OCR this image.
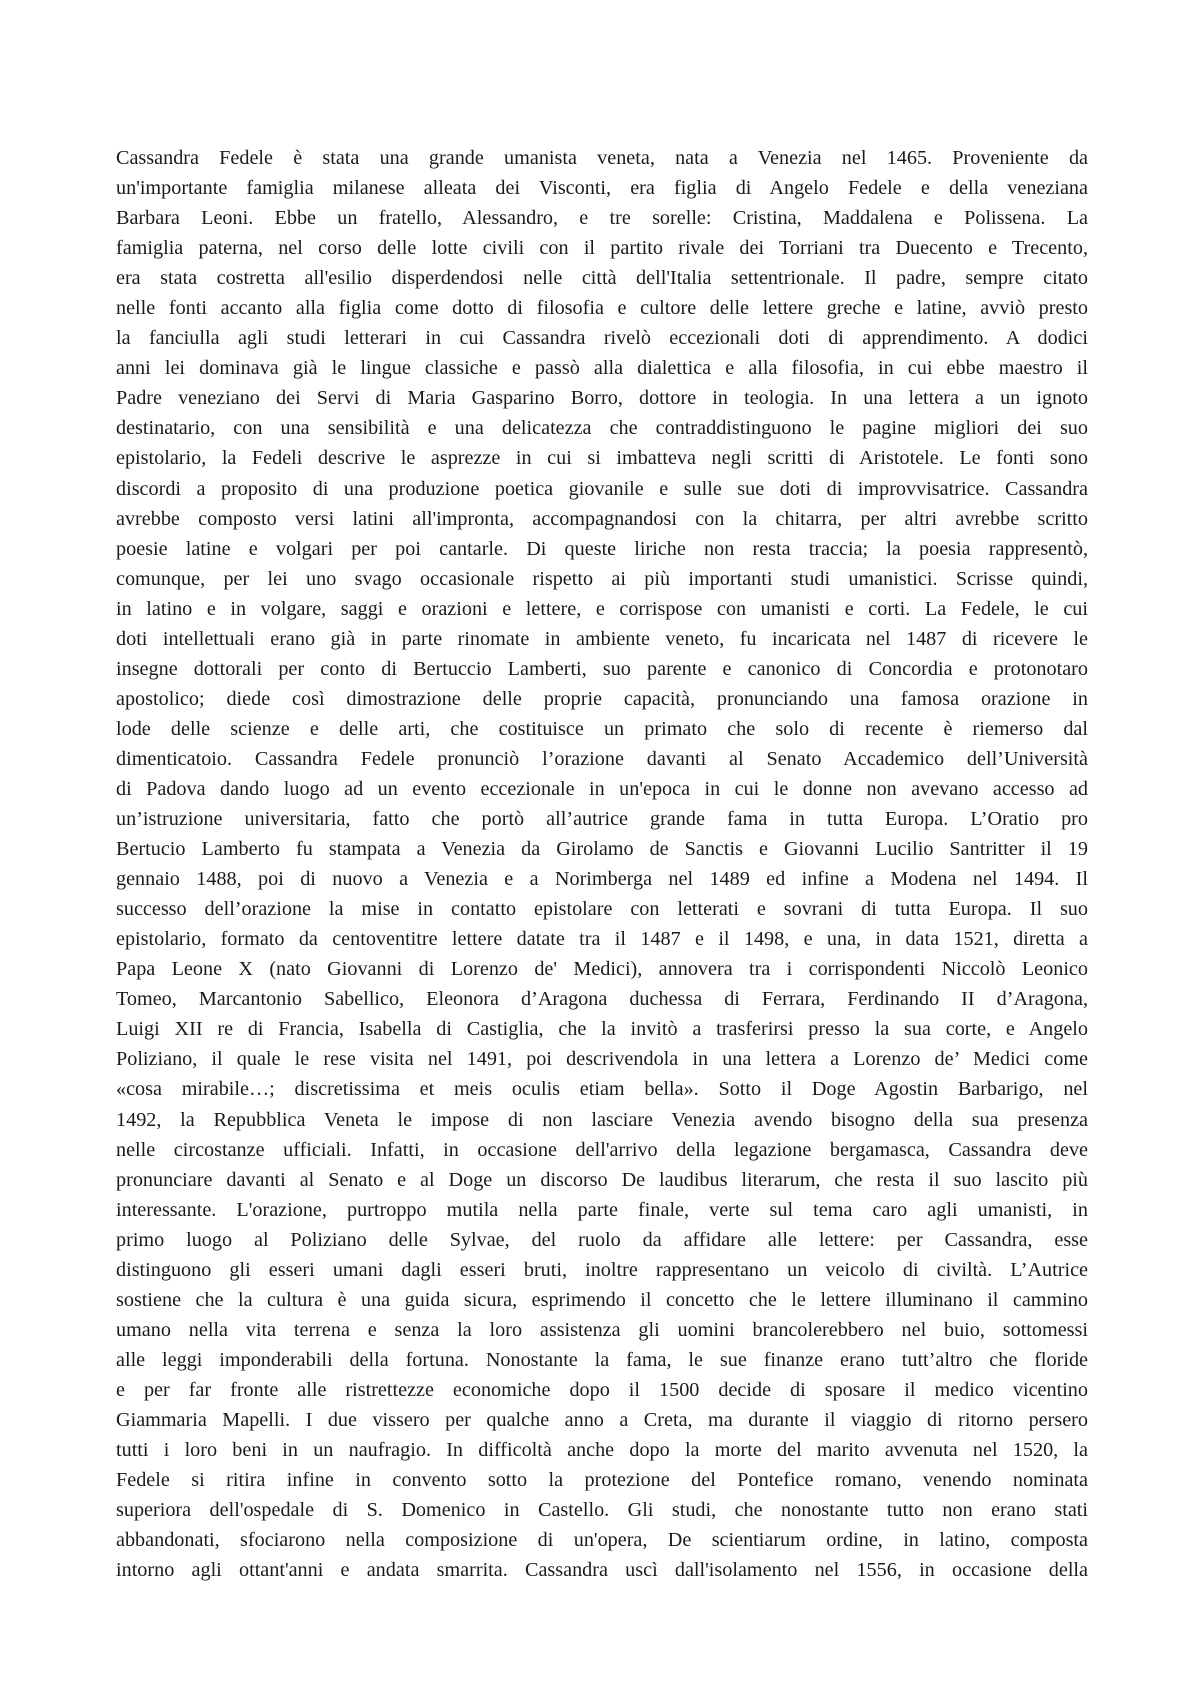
Cassandra Fedele è stata una grande umanista veneta, nata a Venezia nel 1465. Proveniente da
un'importante famiglia milanese alleata dei Visconti, era figlia di Angelo Fedele e della veneziana
Barbara Leoni. Ebbe un fratello, Alessandro, e tre sorelle: Cristina, Maddalena e Polissena. La
famiglia paterna, nel corso delle lotte civili con il partito rivale dei Torriani tra Duecento e Trecento,
era stata costretta all'esilio disperdendosi nelle città dell'Italia settentrionale. Il padre, sempre citato
nelle fonti accanto alla figlia come dotto di filosofia e cultore delle lettere greche e latine, avviò presto
la fanciulla agli studi letterari in cui Cassandra rivelò eccezionali doti di apprendimento. A dodici
anni lei dominava già le lingue classiche e passò alla dialettica e alla filosofia, in cui ebbe maestro il
Padre veneziano dei Servi di Maria Gasparino Borro, dottore in teologia. In una lettera a un ignoto
destinatario, con una sensibilità e una delicatezza che contraddistinguono le pagine migliori dei suo
epistolario, la Fedeli descrive le asprezze in cui si imbatteva negli scritti di Aristotele. Le fonti sono
discordi a proposito di una produzione poetica giovanile e sulle sue doti di improvvisatrice. Cassandra
avrebbe composto versi latini all'impronta, accompagnandosi con la chitarra, per altri avrebbe scritto
poesie latine e volgari per poi cantarle. Di queste liriche non resta traccia; la poesia rappresentò,
comunque, per lei uno svago occasionale rispetto ai più importanti studi umanistici. Scrisse quindi,
in latino e in volgare, saggi e orazioni e lettere, e corrispose con umanisti e corti. La Fedele, le cui
doti intellettuali erano già in parte rinomate in ambiente veneto, fu incaricata nel 1487 di ricevere le
insegne dottorali per conto di Bertuccio Lamberti, suo parente e canonico di Concordia e protonotaro
apostolico; diede così dimostrazione delle proprie capacità, pronunciando una famosa orazione in
lode delle scienze e delle arti, che costituisce un primato che solo di recente è riemerso dal
dimenticatoio. Cassandra Fedele pronunciò l’orazione davanti al Senato Accademico dell’Università
di Padova dando luogo ad un evento eccezionale in un'epoca in cui le donne non avevano accesso ad
un’istruzione universitaria, fatto che portò all’autrice grande fama in tutta Europa. L’Oratio pro
Bertucio Lamberto fu stampata a Venezia da Girolamo de Sanctis e Giovanni Lucilio Santritter il 19
gennaio 1488, poi di nuovo a Venezia e a Norimberga nel 1489 ed infine a Modena nel 1494. Il
successo dell’orazione la mise in contatto epistolare con letterati e sovrani di tutta Europa. Il suo
epistolario, formato da centoventitre lettere datate tra il 1487 e il 1498, e una, in data 1521, diretta a
Papa Leone X (nato Giovanni di Lorenzo de' Medici), annovera tra i corrispondenti Niccolò Leonico
Tomeo, Marcantonio Sabellico, Eleonora d’Aragona duchessa di Ferrara, Ferdinando II d’Aragona,
Luigi XII re di Francia, Isabella di Castiglia, che la invitò a trasferirsi presso la sua corte, e Angelo
Poliziano, il quale le rese visita nel 1491, poi descrivendola in una lettera a Lorenzo de’ Medici come
«cosa mirabile…; discretissima et meis oculis etiam bella». Sotto il Doge Agostin Barbarigo, nel
1492, la Repubblica Veneta le impose di non lasciare Venezia avendo bisogno della sua presenza
nelle circostanze ufficiali. Infatti, in occasione dell'arrivo della legazione bergamasca, Cassandra deve
pronunciare davanti al Senato e al Doge un discorso De laudibus literarum, che resta il suo lascito più
interessante. L'orazione, purtroppo mutila nella parte finale, verte sul tema caro agli umanisti, in
primo luogo al Poliziano delle Sylvae, del ruolo da affidare alle lettere: per Cassandra, esse
distinguono gli esseri umani dagli esseri bruti, inoltre rappresentano un veicolo di civiltà. L’Autrice
sostiene che la cultura è una guida sicura, esprimendo il concetto che le lettere illuminano il cammino
umano nella vita terrena e senza la loro assistenza gli uomini brancolerebbero nel buio, sottomessi
alle leggi imponderabili della fortuna. Nonostante la fama, le sue finanze erano tutt’altro che floride
e per far fronte alle ristrettezze economiche dopo il 1500 decide di sposare il medico vicentino
Giammaria Mapelli. I due vissero per qualche anno a Creta, ma durante il viaggio di ritorno persero
tutti i loro beni in un naufragio. In difficoltà anche dopo la morte del marito avvenuta nel 1520, la
Fedele si ritira infine in convento sotto la protezione del Pontefice romano, venendo nominata
superiora dell'ospedale di S. Domenico in Castello. Gli studi, che nonostante tutto non erano stati
abbandonati, sfociarono nella composizione di un'opera, De scientiarum ordine, in latino, composta
intorno agli ottant'anni e andata smarrita. Cassandra uscì dall'isolamento nel 1556, in occasione della
